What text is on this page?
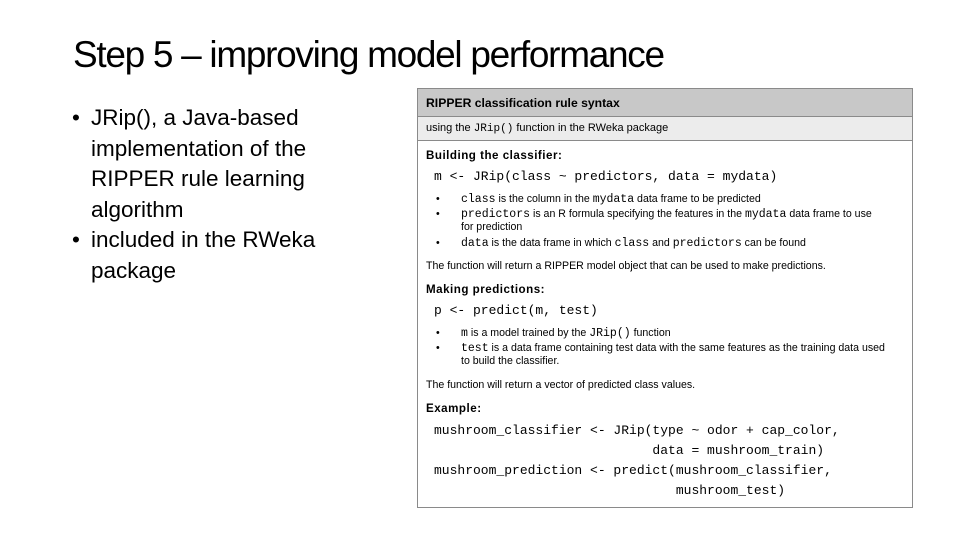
Step 5 – improving model performance
• JRip(), a Java-based implementation of the RIPPER rule learning algorithm
• included in the RWeka package
RIPPER classification rule syntax
using the JRip() function in the RWeka package
Building the classifier:
m <- JRip(class ~ predictors, data = mydata)
• class is the column in the mydata data frame to be predicted
• predictors is an R formula specifying the features in the mydata data frame to use for prediction
• data is the data frame in which class and predictors can be found
The function will return a RIPPER model object that can be used to make predictions.
Making predictions:
p <- predict(m, test)
• m is a model trained by the JRip() function
• test is a data frame containing test data with the same features as the training data used to build the classifier.
The function will return a vector of predicted class values.
Example:
mushroom_classifier <- JRip(type ~ odor + cap_color,
data = mushroom_train)
mushroom_prediction <- predict(mushroom_classifier,
mushroom_test)
